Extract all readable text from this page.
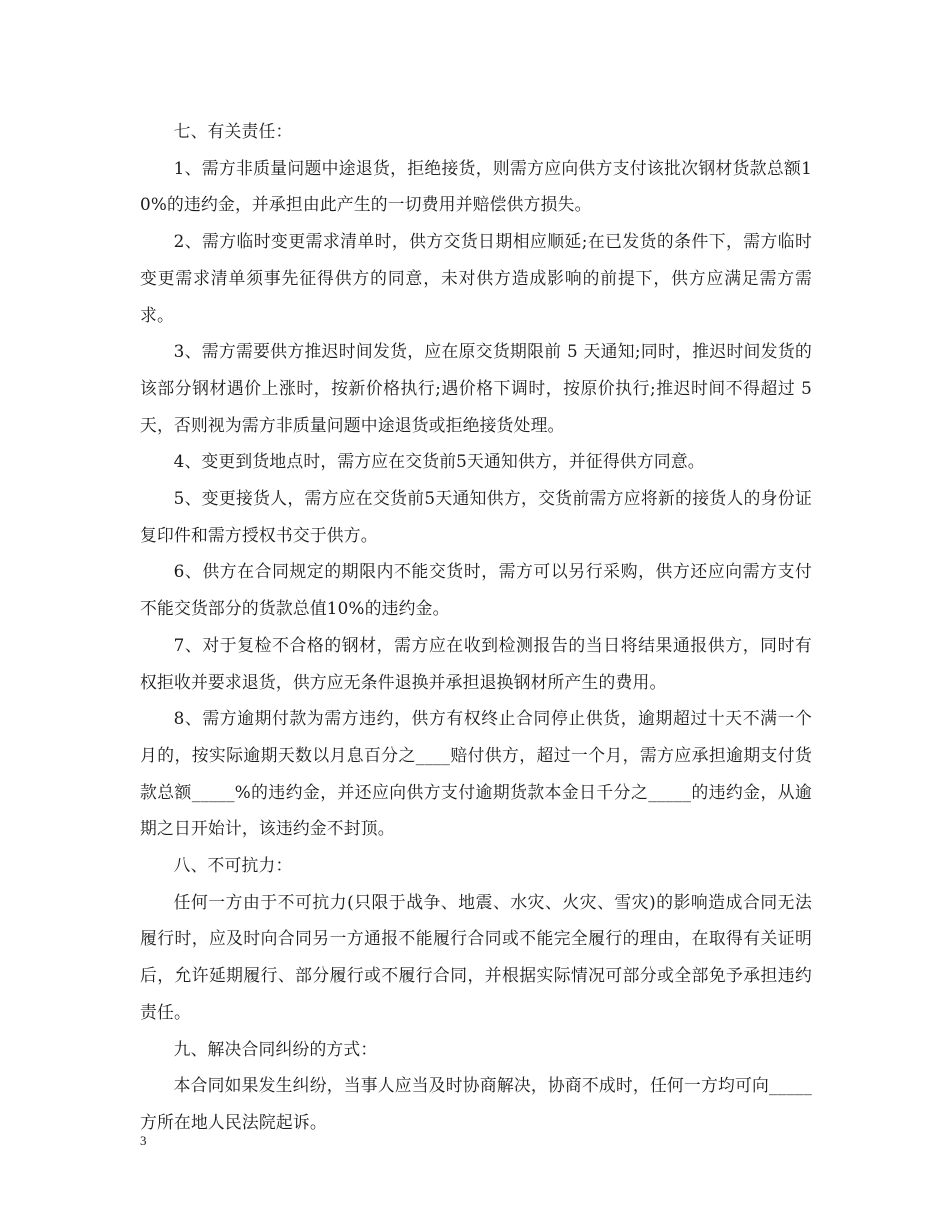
七、有关责任：

1、需方非质量问题中途退货，拒绝接货，则需方应向供方支付该批次钢材货款总额10%的违约金，并承担由此产生的一切费用并赔偿供方损失。

2、需方临时变更需求清单时，供方交货日期相应顺延;在已发货的条件下，需方临时变更需求清单须事先征得供方的同意，未对供方造成影响的前提下，供方应满足需方需求。

3、需方需要供方推迟时间发货，应在原交货期限前 5 天通知;同时，推迟时间发货的该部分钢材遇价上涨时，按新价格执行;遇价格下调时，按原价执行;推迟时间不得超过 5 天，否则视为需方非质量问题中途退货或拒绝接货处理。

4、变更到货地点时，需方应在交货前5天通知供方，并征得供方同意。

5、变更接货人，需方应在交货前5天通知供方，交货前需方应将新的接货人的身份证复印件和需方授权书交于供方。

6、供方在合同规定的期限内不能交货时，需方可以另行采购，供方还应向需方支付不能交货部分的货款总值10%的违约金。

7、对于复检不合格的钢材，需方应在收到检测报告的当日将结果通报供方，同时有权拒收并要求退货，供方应无条件退换并承担退换钢材所产生的费用。

8、需方逾期付款为需方违约，供方有权终止合同停止供货，逾期超过十天不满一个月的，按实际逾期天数以月息百分之____赔付供方，超过一个月，需方应承担逾期支付货款总额_____%的违约金，并还应向供方支付逾期货款本金日千分之_____的违约金，从逾期之日开始计，该违约金不封顶。

八、不可抗力：

任何一方由于不可抗力(只限于战争、地震、水灾、火灾、雪灾)的影响造成合同无法履行时，应及时向合同另一方通报不能履行合同或不能完全履行的理由，在取得有关证明后，允许延期履行、部分履行或不履行合同，并根据实际情况可部分或全部免予承担违约责任。

九、解决合同纠纷的方式：

本合同如果发生纠纷，当事人应当及时协商解决，协商不成时，任何一方均可向_____方所在地人民法院起诉。

3
